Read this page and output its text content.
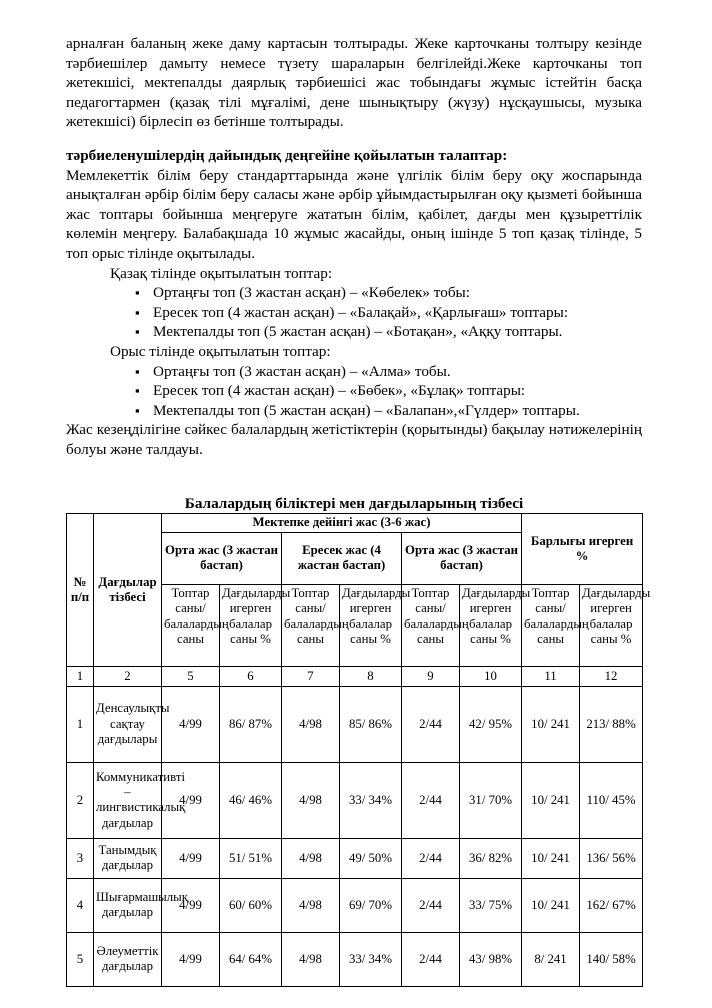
арналған баланың жеке даму картасын толтырады. Жеке карточканы толтыру кезінде тәрбиешілер дамыту немесе түзету шараларын белгілейді.Жеке карточканы топ жетекшісі, мектепалды даярлық тәрбиешісі жас тобындағы жұмыс істейтін басқа педагогтармен (қазақ тілі мұғалімі, дене шынықтыру (жүзу) нұсқаушысы, музыка жетекшісі) бірлесіп өз бетінше толтырады.

тәрбиеленушілердің дайындық деңгейіне қойылатын талаптар:

Мемлекеттік білім беру стандарттарында және үлгілік білім беру оқу жоспарында анықталған әрбір білім беру саласы және әрбір ұйымдастырылған оқу қызметі бойынша жас топтары бойынша меңгеруге жататын білім, қабілет, дағды мен құзыреттілік көлемін меңгеру. Балабақшада 10 жұмыс жасайды, оның ішінде 5 топ қазақ тілінде, 5 топ орыс тілінде оқытылады.

Қазақ тілінде оқытылатын топтар:
▪ Ортаңғы топ (3 жастан асқан) – «Көбелек» тобы:
▪ Ересек топ (4 жастан асқан) – «Балақай», «Қарлығаш» топтары:
▪ Мектепалды топ (5 жастан асқан) – «Ботақан», «Аққу топтары.
Орыс тілінде оқытылатын топтар:
▪ Ортаңғы топ (3 жастан асқан) – «Алма» тобы.
▪ Ересек топ (4 жастан асқан) – «Бөбек», «Бұлақ» топтары:
▪ Мектепалды топ (5 жастан асқан) – «Балапан»,«Гүлдер» топтары.

Жас кезеңділігіне сәйкес балалардың жетістіктерін (қорытынды) бақылау нәтижелерінің болуы және талдауы.

Балалардың біліктері мен дағдыларының тізбесі
№ п/п	Дағдылар тізбесі	Мектепке дейінгі жас (3-6 жас)						Барлығы игерген %	
		Орта жас (3 жастан бастап)		Ересек жас (4 жастан бастап)		Орта жас (3 жастан бастап)			
		Топтар саны/ балалардың саны	Дағдыларды игерген балалар саны %	Топтар саны/ балалардың саны	Дағдыларды игерген балалар саны %	Топтар саны/ балалардың саны	Дағдыларды игерген балалар саны %	Топтар саны/ балалардың саны	Дағдыларды игерген балалар саны %
1	2	5	6	7	8	9	10	11	12
1	Денсаулықты сақтау дағдылары	4/99	86/ 87%	4/98	85/ 86%	2/44	42/ 95%	10/ 241	213/ 88%
2	Коммуникативті – лингвистикалық дағдылар	4/99	46/ 46%	4/98	33/ 34%	2/44	31/ 70%	10/ 241	110/ 45%
3	Танымдық дағдылар	4/99	51/ 51%	4/98	49/ 50%	2/44	36/ 82%	10/ 241	136/ 56%
4	Шығармашылық дағдылар	4/99	60/ 60%	4/98	69/ 70%	2/44	33/ 75%	10/ 241	162/ 67%
5	Әлеуметтік дағдылар	4/99	64/ 64%	4/98	33/ 34%	2/44	43/ 98%	8/ 241	140/ 58%
